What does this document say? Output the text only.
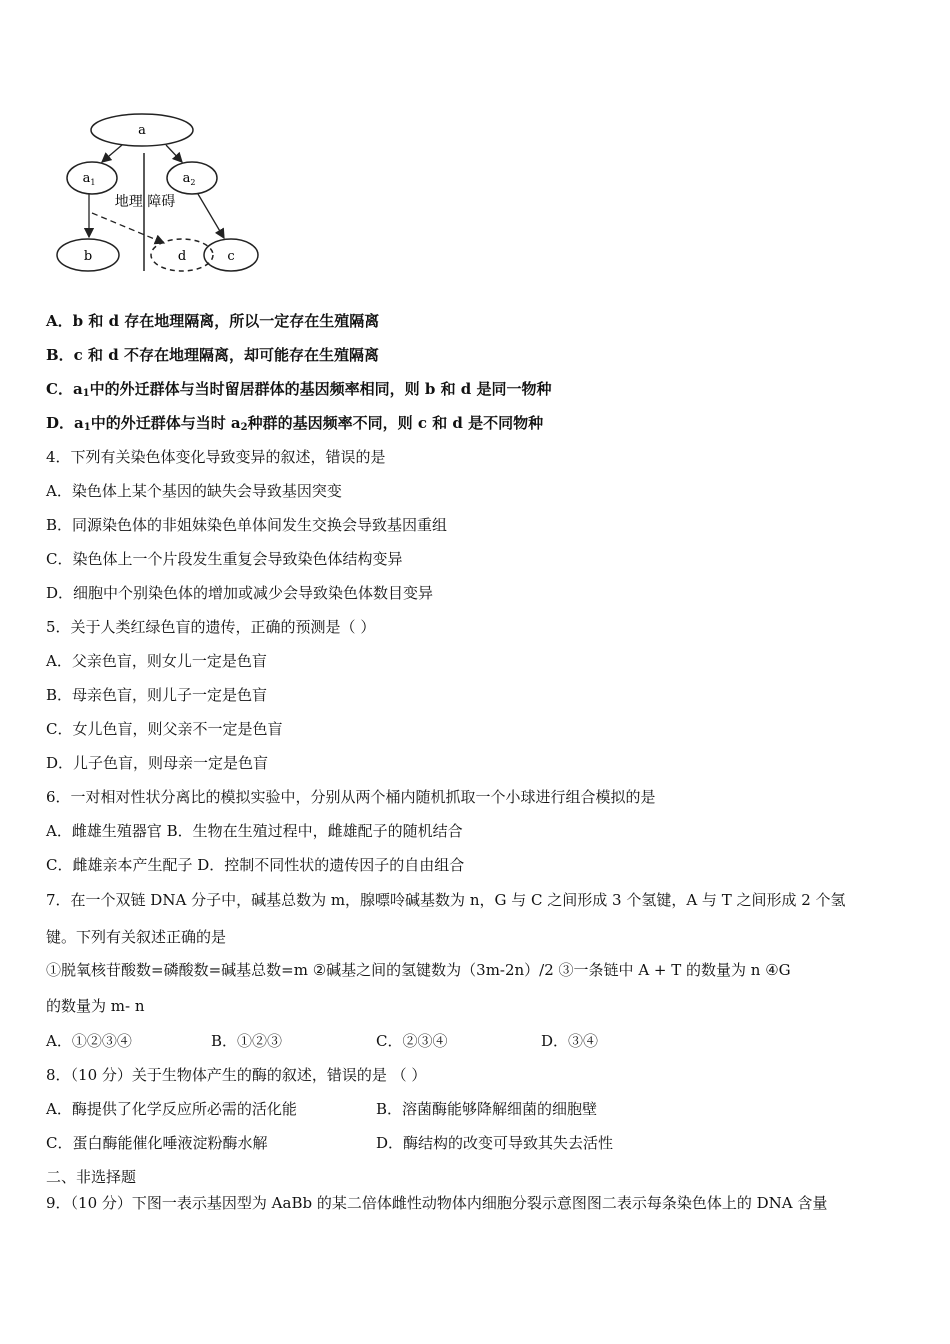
a
$a_1$	$a_2$
b	d	c
地理 障碍
A．b 和 d 存在地理隔离，所以一定存在生殖隔离
B．c 和 d 不存在地理隔离，却可能存在生殖隔离
C．$a_1$中的外迁群体与当时留居群体的基因频率相同，则 b 和 d 是同一物种
D．$a_1$中的外迁群体与当时 $a_2$种群的基因频率不同，则 c 和 d 是不同物种
4．下列有关染色体变化导致变异的叙述，错误的是
A．染色体上某个基因的缺失会导致基因突变
B．同源染色体的非姐妹染色单体间发生交换会导致基因重组
C．染色体上一个片段发生重复会导致染色体结构变异
D．细胞中个别染色体的增加或减少会导致染色体数目变异
5．关于人类红绿色盲的遗传，正确的预测是（ ）
A．父亲色盲，则女儿一定是色盲
B．母亲色盲，则儿子一定是色盲
C．女儿色盲，则父亲不一定是色盲
D．儿子色盲，则母亲一定是色盲
6．一对相对性状分离比的模拟实验中，分别从两个桶内随机抓取一个小球进行组合模拟的是
A．雌雄生殖器官 B．生物在生殖过程中，雌雄配子的随机结合
C．雌雄亲本产生配子 D．控制不同性状的遗传因子的自由组合
7．在一个双链 DNA 分子中，碱基总数为 m，腺嘌呤碱基数为 n，G 与 C 之间形成 3 个氢键，A 与 T 之间形成 2 个氢
键。下列有关叙述正确的是
①脱氧核苷酸数=磷酸数=碱基总数=m ②碱基之间的氢键数为（3m-2n）/2 ③一条链中 A + T 的数量为 n ④G
的数量为 m- n
A．①②③④	B．①②③	C．②③④	D．③④
8．（10 分）关于生物体产生的酶的叙述，错误的是 （ ）
A．酶提供了化学反应所必需的活化能	B．溶菌酶能够降解细菌的细胞壁
C．蛋白酶能催化唾液淀粉酶水解	D．酶结构的改变可导致其失去活性
二、非选择题
9．（10 分）下图一表示基因型为 AaBb 的某二倍体雌性动物体内细胞分裂示意图图二表示每条染色体上的 DNA 含量
